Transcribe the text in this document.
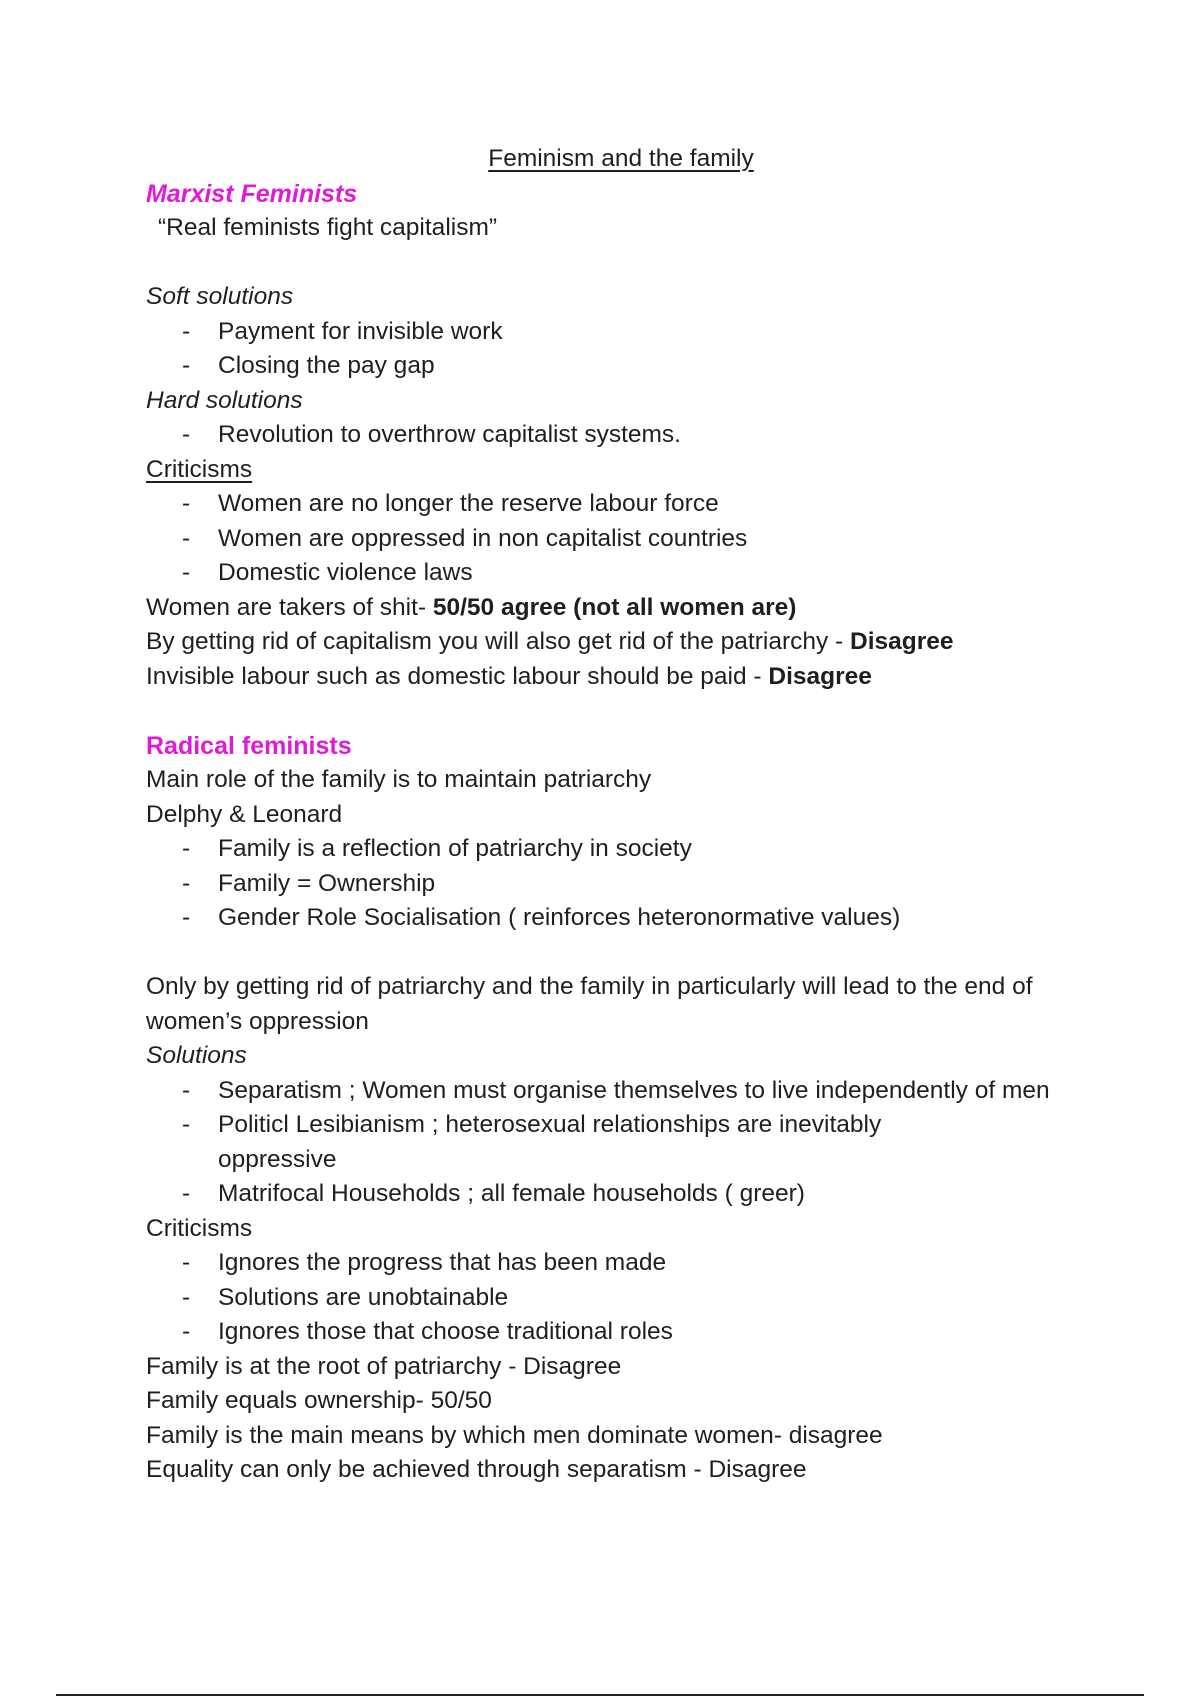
Feminism and the family
Marxist Feminists
“Real feminists fight capitalism”
Soft solutions
- Payment for invisible work
- Closing the pay gap
Hard solutions
- Revolution to overthrow capitalist systems.
Criticisms
- Women are no longer the reserve labour force
- Women are oppressed in non capitalist countries
- Domestic violence laws
Women are takers of shit- 50/50 agree (not all women are)
By getting rid of capitalism you will also get rid of the patriarchy - Disagree
Invisible labour such as domestic labour should be paid - Disagree
Radical feminists
Main role of the family is to maintain patriarchy
Delphy & Leonard
- Family is a reflection of patriarchy in society
- Family = Ownership
- Gender Role Socialisation ( reinforces heteronormative values)
Only by getting rid of patriarchy and the family in particularly will lead to the end of women’s oppression
Solutions
- Separatism ; Women must organise themselves to live independently of men
- Politicl Lesibianism ; heterosexual relationships are inevitably oppressive
- Matrifocal Households ; all female households ( greer)
Criticisms
- Ignores the progress that has been made
- Solutions are unobtainable
- Ignores those that choose traditional roles
Family is at the root of patriarchy - Disagree
Family equals ownership- 50/50
Family is the main means by which men dominate women- disagree
Equality can only be achieved through separatism - Disagree
